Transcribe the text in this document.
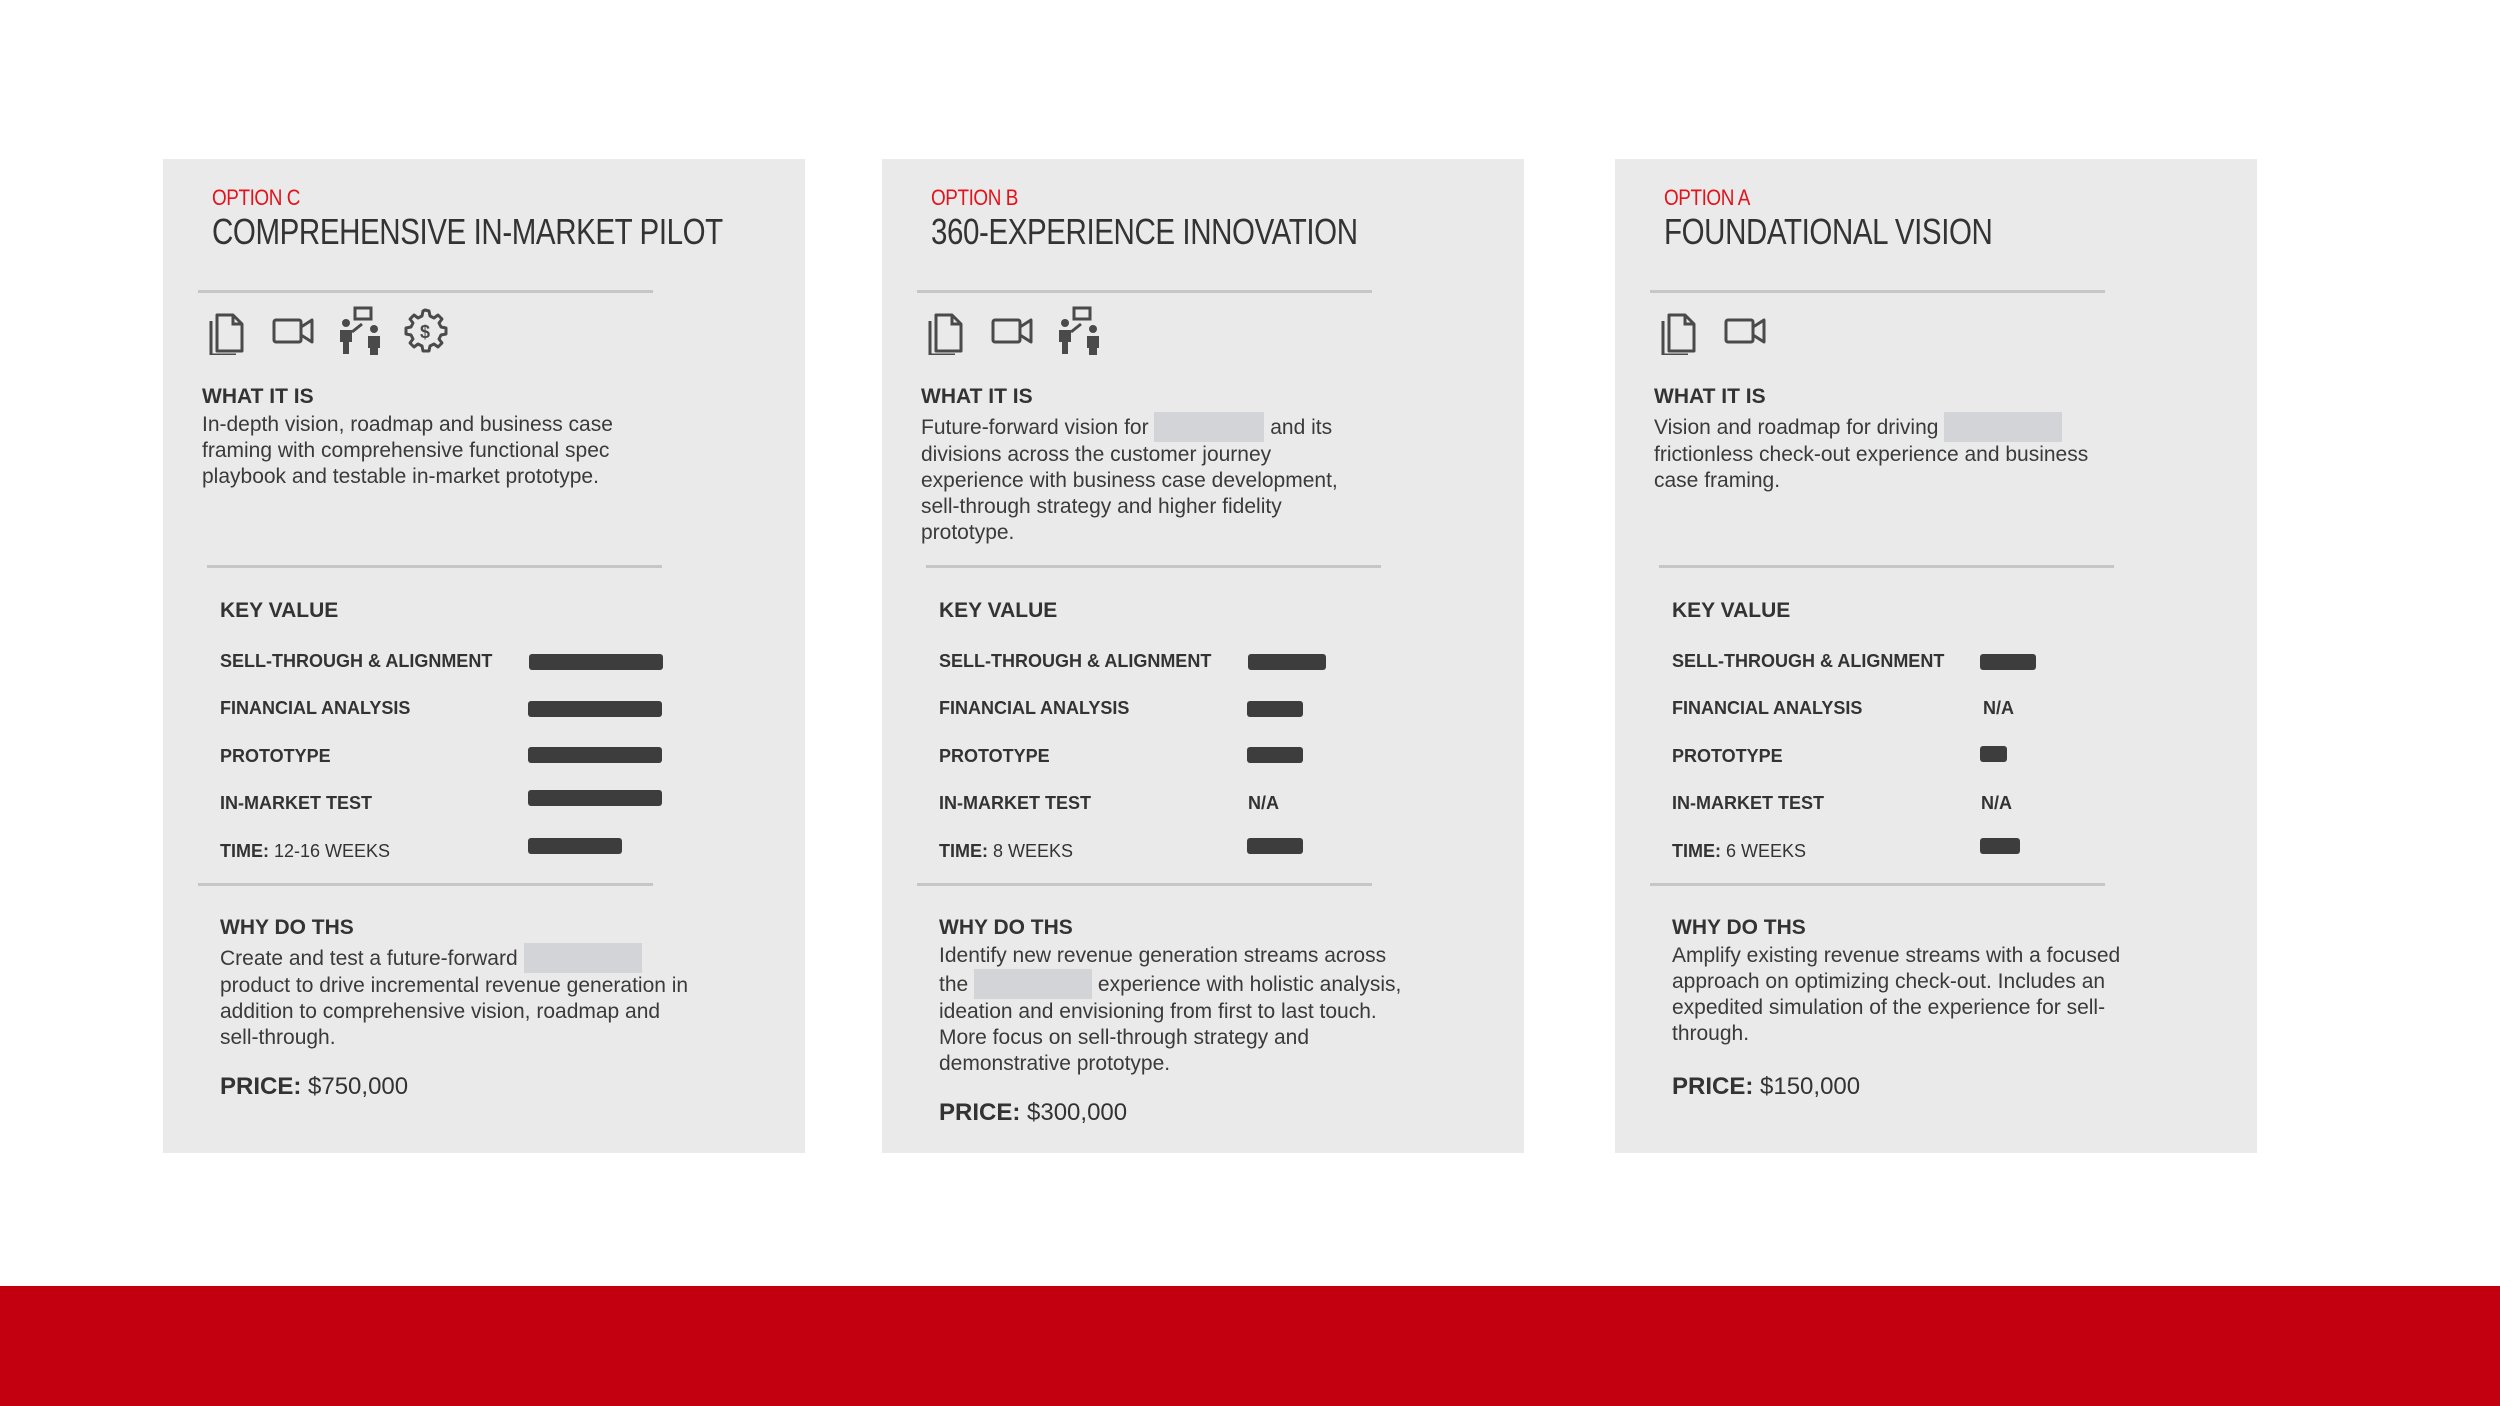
OPTION C
COMPREHENSIVE IN-MARKET PILOT
$
WHAT IT IS
In-depth vision, roadmap and business case framing with comprehensive functional spec playbook and testable in-market prototype.
KEY VALUE
SELL-THROUGH & ALIGNMENT
FINANCIAL ANALYSIS
PROTOTYPE
IN-MARKET TEST
TIME: 12-16 WEEKS
WHY DO THS
Create and test a future-forward  product to drive incremental revenue generation in addition to comprehensive vision, roadmap and sell-through.
PRICE: $750,000
OPTION B
360-EXPERIENCE INNOVATION
WHAT IT IS
Future-forward vision for	and its divisions across the customer journey experience with business case development, sell-through strategy and higher fidelity prototype.
KEY VALUE
SELL-THROUGH & ALIGNMENT
FINANCIAL ANALYSIS
PROTOTYPE
IN-MARKET TEST	N/A
TIME: 8 WEEKS
WHY DO THS
Identify new revenue generation streams across the	experience with holistic analysis, ideation and envisioning from first to last touch. More focus on sell-through strategy and demonstrative prototype.
PRICE: $300,000
OPTION A
FOUNDATIONAL VISION
WHAT IT IS
Vision and roadmap for driving  frictionless check-out experience and business case framing.
KEY VALUE
SELL-THROUGH & ALIGNMENT
FINANCIAL ANALYSIS	N/A
PROTOTYPE
IN-MARKET TEST	N/A
TIME: 6 WEEKS
WHY DO THS
Amplify existing revenue streams with a focused approach on optimizing check-out. Includes an expedited simulation of the experience for sell-through.
PRICE: $150,000
